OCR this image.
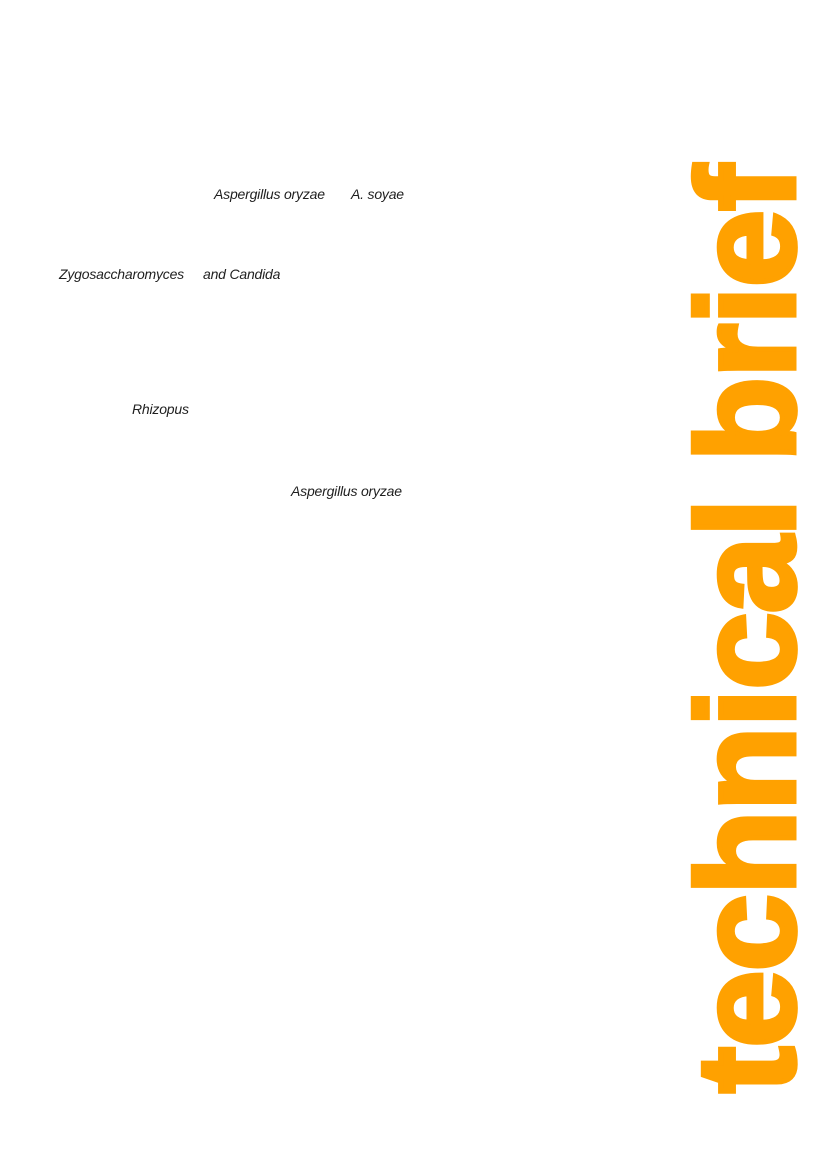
Aspergillus oryzae A. soyae
Zygosaccharomyces and Candida
Rhizopus
Aspergillus oryzae technical brief
